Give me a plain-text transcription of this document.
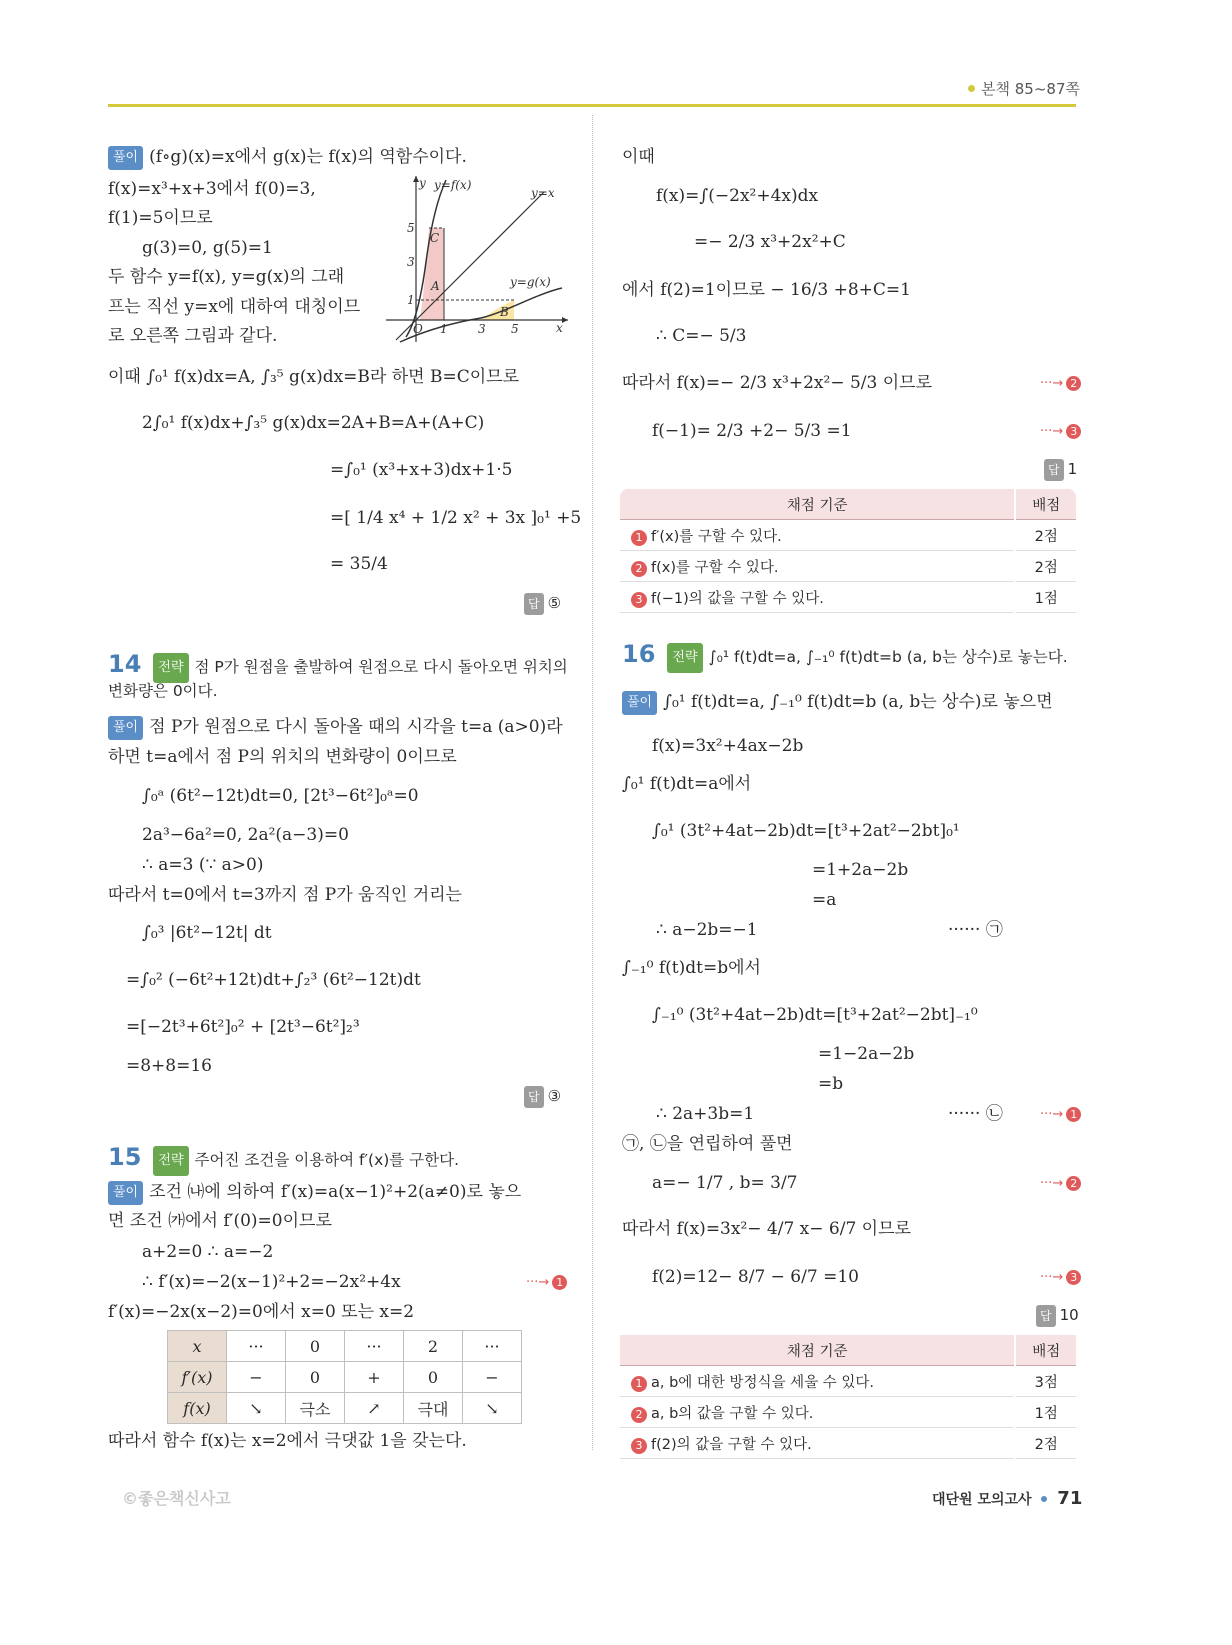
본책 85~87쪽
풀이 (f∘g)(x)=x에서 g(x)는 f(x)의 역함수이다.
f(x)=x³+x+3에서 f(0)=3,
f(1)=5이므로
g(3)=0, g(5)=1
두 함수 y=f(x), y=g(x)의 그래
프는 직선 y=x에 대하여 대칭이므
로 오른쪽 그림과 같다.
이때 ∫₀¹ f(x)dx=A, ∫₃⁵ g(x)dx=B라 하면 B=C이므로
2∫₀¹ f(x)dx+∫₃⁵ g(x)dx=2A+B=A+(A+C)
=∫₀¹ (x³+x+3)dx+1·5
=[ 1/4 x⁴ + 1/2 x² + 3x ]₀¹ +5
= 35/4
답 ⑤
y y=f(x)
y=x
y=g(x)
x
O 1	3 5
5
3
1
A
B
C
14 전략 점 P가 원점을 출발하여 원점으로 다시 돌아오면 위치의
변화량은 0이다.
풀이 점 P가 원점으로 다시 돌아올 때의 시각을 t=a (a>0)라
하면 t=a에서 점 P의 위치의 변화량이 0이므로
∫₀ᵃ (6t²−12t)dt=0, [2t³−6t²]₀ᵃ=0
2a³−6a²=0, 2a²(a−3)=0
∴ a=3 (∵ a>0)
따라서 t=0에서 t=3까지 점 P가 움직인 거리는
∫₀³ |6t²−12t| dt
=∫₀² (−6t²+12t)dt+∫₂³ (6t²−12t)dt
=[−2t³+6t²]₀² + [2t³−6t²]₂³
=8+8=16
답 ③
15 전략 주어진 조건을 이용하여 f′(x)를 구한다.
풀이 조건 ㈏에 의하여 f′(x)=a(x−1)²+2(a≠0)로 놓으
면 조건 ㈎에서 f′(0)=0이므로
a+2=0 ∴ a=−2
∴ f′(x)=−2(x−1)²+2=−2x²+4x	···→ 1
f′(x)=−2x(x−2)=0에서 x=0 또는 x=2
x	···	0	···	2	···
f′(x)	−	0	+	0	−
f(x)	↘	극소	↗	극대	↘
따라서 함수 f(x)는 x=2에서 극댓값 1을 갖는다.
이때
f(x)=∫(−2x²+4x)dx
=− 2/3 x³+2x²+C
에서 f(2)=1이므로 − 16/3 +8+C=1
∴ C=− 5/3
따라서 f(x)=− 2/3 x³+2x²− 5/3 이므로	···→ 2
f(−1)= 2/3 +2− 5/3 =1	···→ 3
답 1
채점 기준	배점
1 f′(x)를 구할 수 있다.	2점
2 f(x)를 구할 수 있다.	2점
3 f(−1)의 값을 구할 수 있다.	1점
16 전략 ∫₀¹ f(t)dt=a, ∫₋₁⁰ f(t)dt=b (a, b는 상수)로 놓는다.
풀이 ∫₀¹ f(t)dt=a, ∫₋₁⁰ f(t)dt=b (a, b는 상수)로 놓으면
f(x)=3x²+4ax−2b
∫₀¹ f(t)dt=a에서
∫₀¹ (3t²+4at−2b)dt=[t³+2at²−2bt]₀¹
=1+2a−2b
=a
∴ a−2b=−1	······ ㉠
∫₋₁⁰ f(t)dt=b에서
∫₋₁⁰ (3t²+4at−2b)dt=[t³+2at²−2bt]₋₁⁰
=1−2a−2b
=b
∴ 2a+3b=1	······ ㉡	···→ 1
㉠, ㉡을 연립하여 풀면
a=− 1/7 , b= 3/7	···→ 2
따라서 f(x)=3x²− 4/7 x− 6/7 이므로
f(2)=12− 8/7 − 6/7 =10	···→ 3
답 10
채점 기준	배점
1 a, b에 대한 방정식을 세울 수 있다.	3점
2 a, b의 값을 구할 수 있다.	1점
3 f(2)의 값을 구할 수 있다.	2점
©좋은책신사고	대단원 모의고사 71
